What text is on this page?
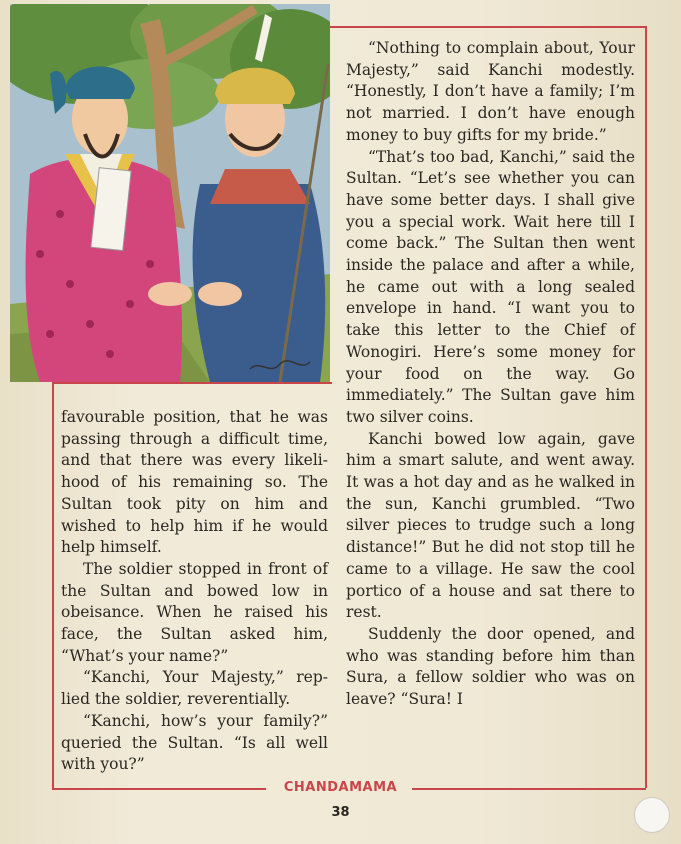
favourable position, that he was passing through a difficult time, and that there was every likeli-hood of his remaining so. The Sultan took pity on him and wished to help him if he would help himself.

The soldier stopped in front of the Sultan and bowed low in obeisance. When he raised his face, the Sultan asked him, “What’s your name?”

“Kanchi, Your Majesty,” rep-lied the soldier, reverentially.

“Kanchi, how’s your family?” queried the Sultan. “Is all well with you?”

“Nothing to complain about, Your Majesty,” said Kanchi modestly. “Honestly, I don’t have a family; I’m not married. I don’t have enough money to buy gifts for my bride.”

“That’s too bad, Kanchi,” said the Sultan. “Let’s see whether you can have some better days. I shall give you a special work. Wait here till I come back.” The Sultan then went inside the palace and after a while, he came out with a long sealed envelope in hand. “I want you to take this letter to the Chief of Wonogiri. Here’s some money for your food on the way. Go immediately.” The Sultan gave him two silver coins.

Kanchi bowed low again, gave him a smart salute, and went away. It was a hot day and as he walked in the sun, Kanchi grumbled. “Two silver pieces to trudge such a long distance!” But he did not stop till he came to a village. He saw the cool portico of a house and sat there to rest.

Suddenly the door opened, and who was standing before him than Sura, a fellow soldier who was on leave? “Sura! I

CHANDAMAMA
38
